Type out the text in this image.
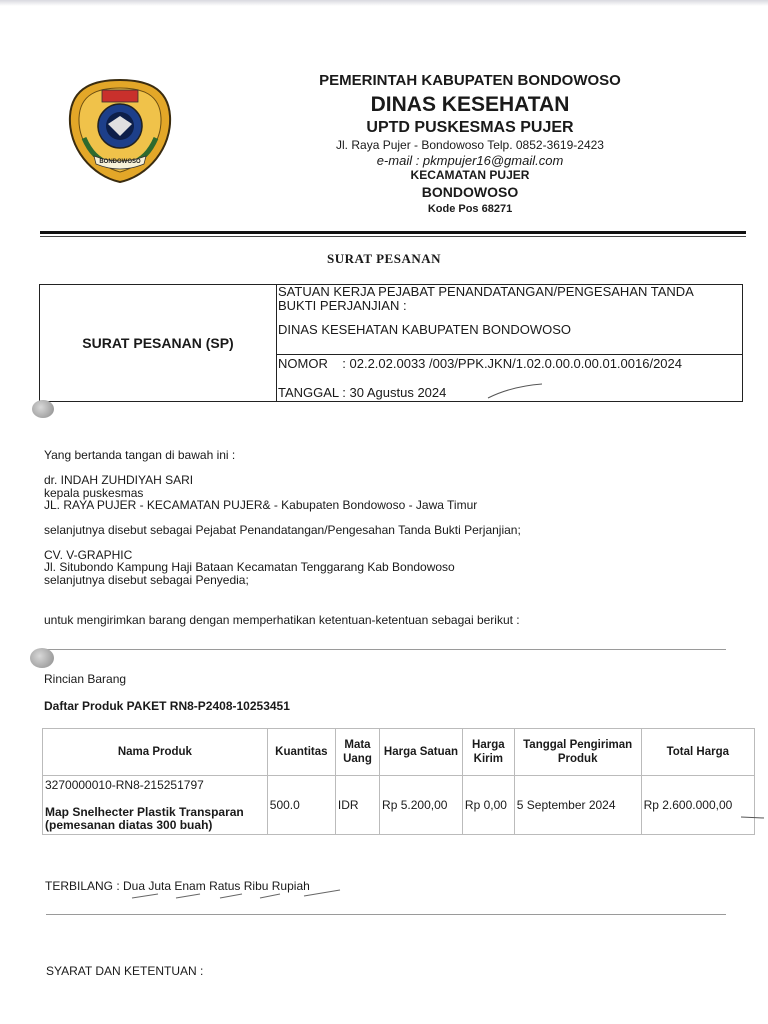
BONDOWOSO
PEMERINTAH KABUPATEN BONDOWOSO
DINAS KESEHATAN
UPTD PUSKESMAS PUJER
Jl. Raya Pujer - Bondowoso Telp. 0852-3619-2423
e-mail : pkmpujer16@gmail.com
KECAMATAN PUJER
BONDOWOSO
Kode Pos 68271
SURAT PESANAN
SURAT PESANAN (SP)
SATUAN KERJA PEJABAT PENANDATANGAN/PENGESAHAN TANDA
BUKTI PERJANJIAN :
DINAS KESEHATAN KABUPATEN BONDOWOSO
NOMOR    : 02.2.02.0033 /003/PPK.JKN/1.02.0.00.0.00.01.0016/2024
TANGGAL : 30 Agustus 2024
Yang bertanda tangan di bawah ini :
dr. INDAH ZUHDIYAH SARI
kepala puskesmas
JL. RAYA PUJER - KECAMATAN PUJER& - Kabupaten Bondowoso - Jawa Timur
selanjutnya disebut sebagai Pejabat Penandatangan/Pengesahan Tanda Bukti Perjanjian;
CV. V-GRAPHIC
Jl. Situbondo Kampung Haji Bataan Kecamatan Tenggarang Kab Bondowoso
selanjutnya disebut sebagai Penyedia;
untuk mengirimkan barang dengan memperhatikan ketentuan-ketentuan sebagai berikut :
Rincian Barang
Daftar Produk PAKET RN8-P2408-10253451
Nama Produk	Kuantitas	Mata Uang	Harga Satuan	Harga Kirim	Tanggal Pengiriman Produk	Total Harga

3270000010-RN8-215251797
Map Snelhecter Plastik Transparan (pemesanan diatas 300 buah)	500.0	IDR	Rp 5.200,00	Rp 0,00	5 September 2024	Rp 2.600.000,00
TERBILANG : Dua Juta Enam Ratus Ribu Rupiah
SYARAT DAN KETENTUAN :
